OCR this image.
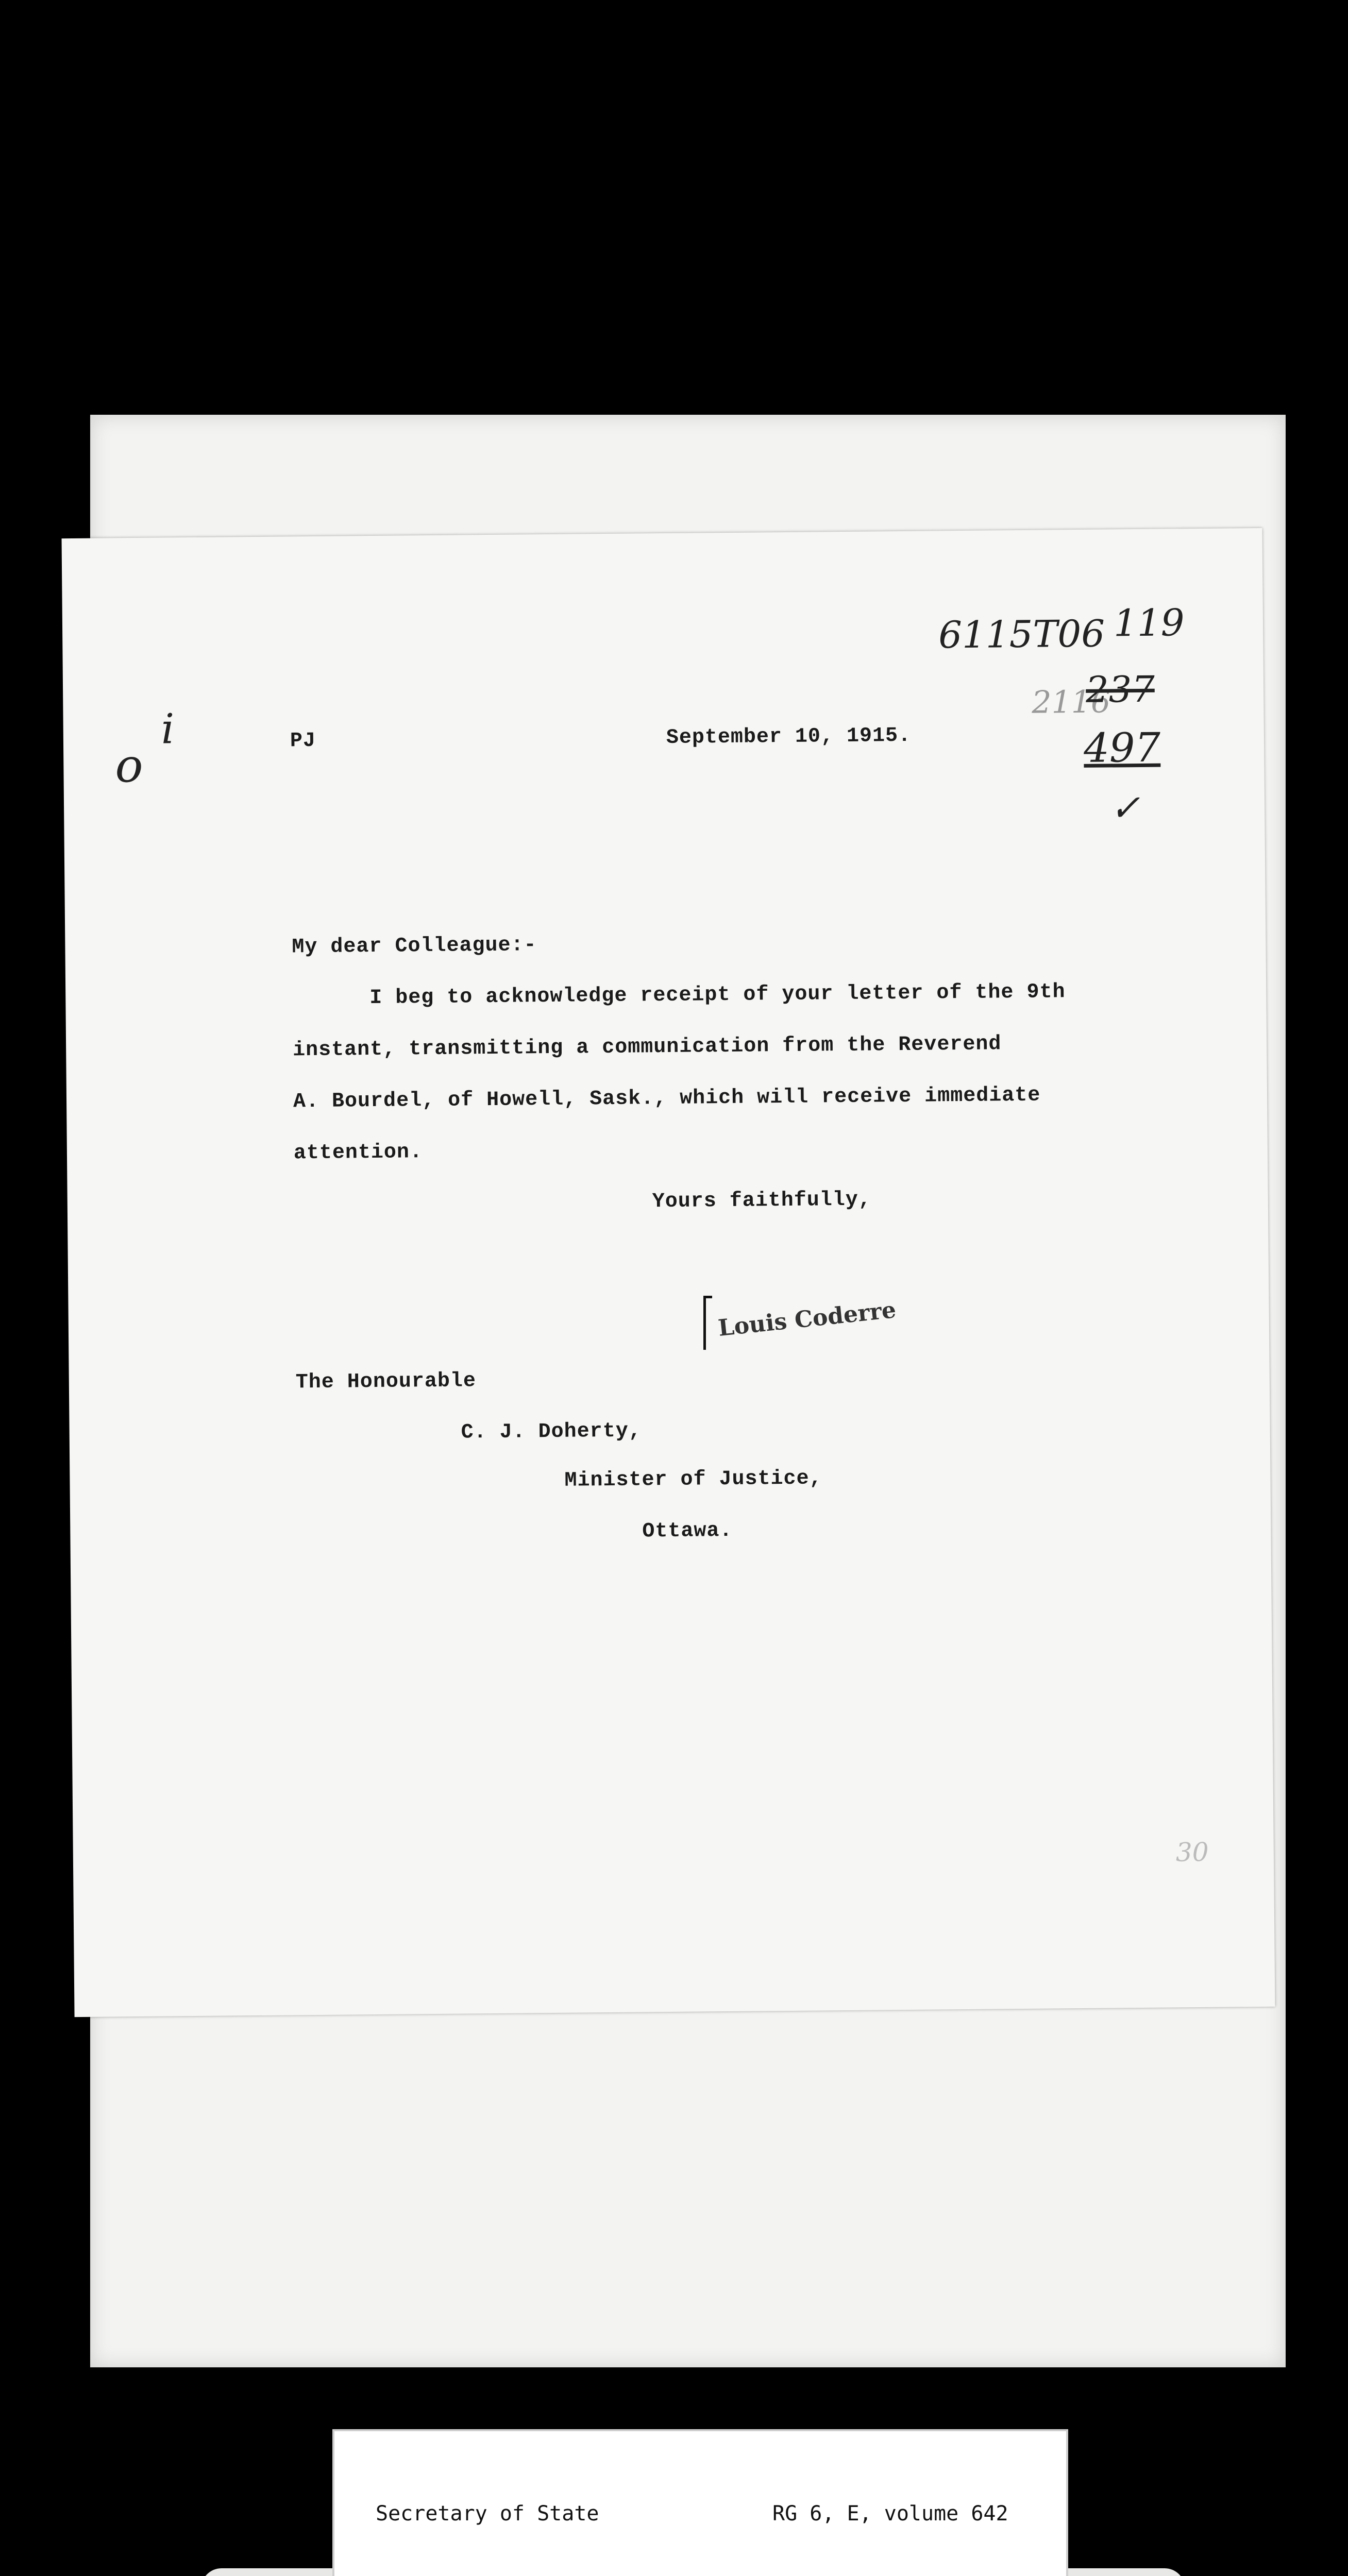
i
o	PJ	September 10, 1915.
6115T06 119
2116
237
497
✓
My dear Colleague:-
I beg to acknowledge receipt of your letter of the 9th
instant, transmitting a communication from the Reverend
A. Bourdel, of Howell, Sask., which will receive immediate
attention.
Yours faithfully,
The Honourable
C. J. Doherty,
Minister of Justice,
Ottawa.
30
Louis Coderre

Secretary of State

	RG 6, E, volume 642
